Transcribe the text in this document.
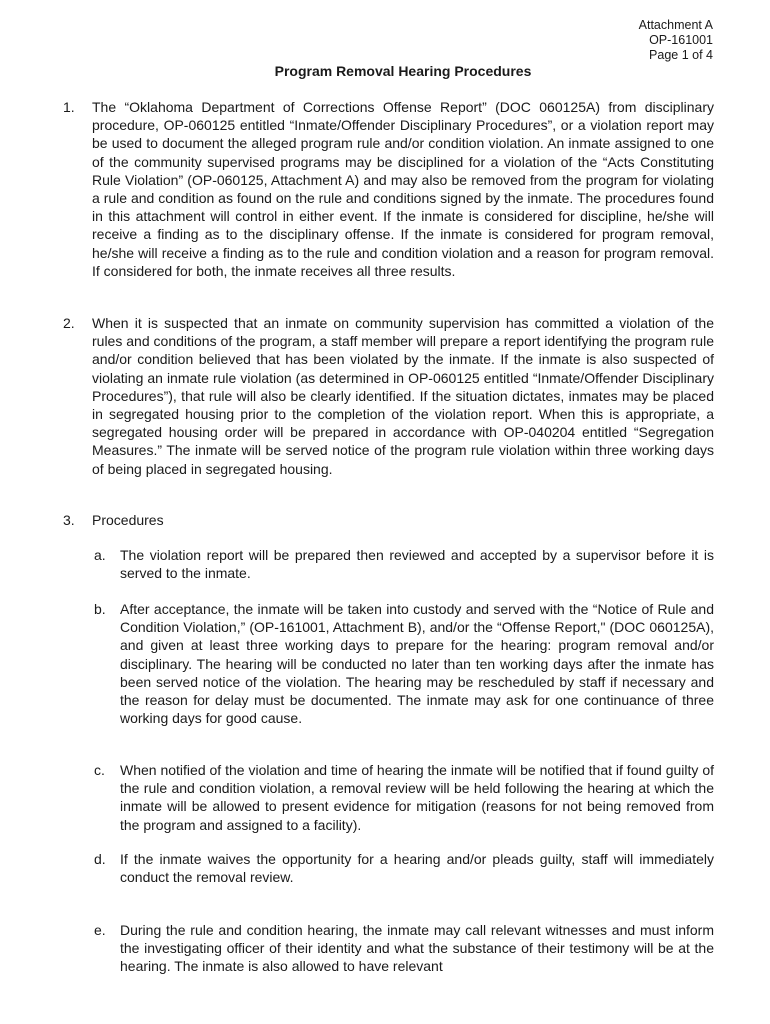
Attachment A
OP-161001
Page 1 of 4
Program Removal Hearing Procedures
1. The “Oklahoma Department of Corrections Offense Report” (DOC 060125A) from disciplinary procedure, OP-060125 entitled “Inmate/Offender Disciplinary Procedures”, or a violation report may be used to document the alleged program rule and/or condition violation. An inmate assigned to one of the community supervised programs may be disciplined for a violation of the “Acts Constituting Rule Violation” (OP-060125, Attachment A) and may also be removed from the program for violating a rule and condition as found on the rule and conditions signed by the inmate. The procedures found in this attachment will control in either event. If the inmate is considered for discipline, he/she will receive a finding as to the disciplinary offense. If the inmate is considered for program removal, he/she will receive a finding as to the rule and condition violation and a reason for program removal. If considered for both, the inmate receives all three results.
2. When it is suspected that an inmate on community supervision has committed a violation of the rules and conditions of the program, a staff member will prepare a report identifying the program rule and/or condition believed that has been violated by the inmate. If the inmate is also suspected of violating an inmate rule violation (as determined in OP-060125 entitled “Inmate/Offender Disciplinary Procedures”), that rule will also be clearly identified. If the situation dictates, inmates may be placed in segregated housing prior to the completion of the violation report. When this is appropriate, a segregated housing order will be prepared in accordance with OP-040204 entitled “Segregation Measures.” The inmate will be served notice of the program rule violation within three working days of being placed in segregated housing.
3. Procedures
a. The violation report will be prepared then reviewed and accepted by a supervisor before it is served to the inmate.
b. After acceptance, the inmate will be taken into custody and served with the “Notice of Rule and Condition Violation,” (OP-161001, Attachment B), and/or the “Offense Report," (DOC 060125A), and given at least three working days to prepare for the hearing: program removal and/or disciplinary. The hearing will be conducted no later than ten working days after the inmate has been served notice of the violation. The hearing may be rescheduled by staff if necessary and the reason for delay must be documented. The inmate may ask for one continuance of three working days for good cause.
c. When notified of the violation and time of hearing the inmate will be notified that if found guilty of the rule and condition violation, a removal review will be held following the hearing at which the inmate will be allowed to present evidence for mitigation (reasons for not being removed from the program and assigned to a facility).
d. If the inmate waives the opportunity for a hearing and/or pleads guilty, staff will immediately conduct the removal review.
e. During the rule and condition hearing, the inmate may call relevant witnesses and must inform the investigating officer of their identity and what the substance of their testimony will be at the hearing. The inmate is also allowed to have relevant
